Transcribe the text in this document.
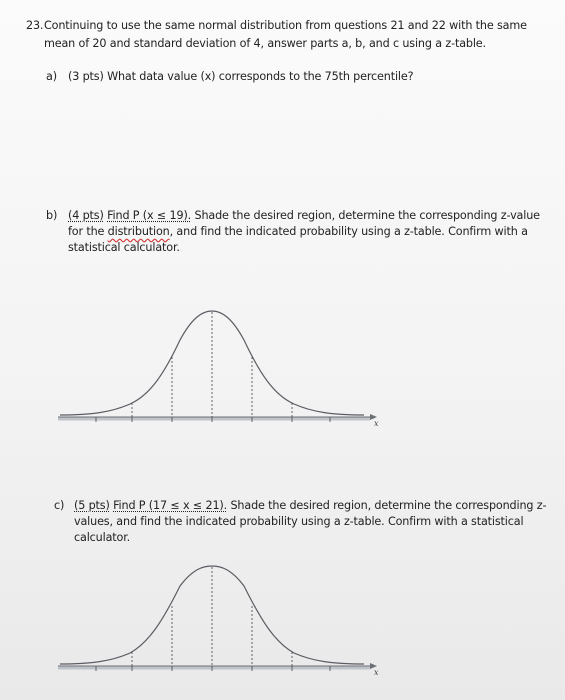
23. Continuing to use the same normal distribution from questions 21 and 22 with the same
mean of 20 and standard deviation of 4, answer parts a, b, and c using a z-table.
a) (3 pts) What data value (x) corresponds to the 75th percentile?
b) (4 pts) Find P (x ≤ 19). Shade the desired region, determine the corresponding z-value
for the distribution, and find the indicated probability using a z-table. Confirm with a
statistical calculator.
x
c) (5 pts) Find P (17 ≤ x ≤ 21). Shade the desired region, determine the corresponding z-
values, and find the indicated probability using a z-table. Confirm with a statistical
calculator.
x
